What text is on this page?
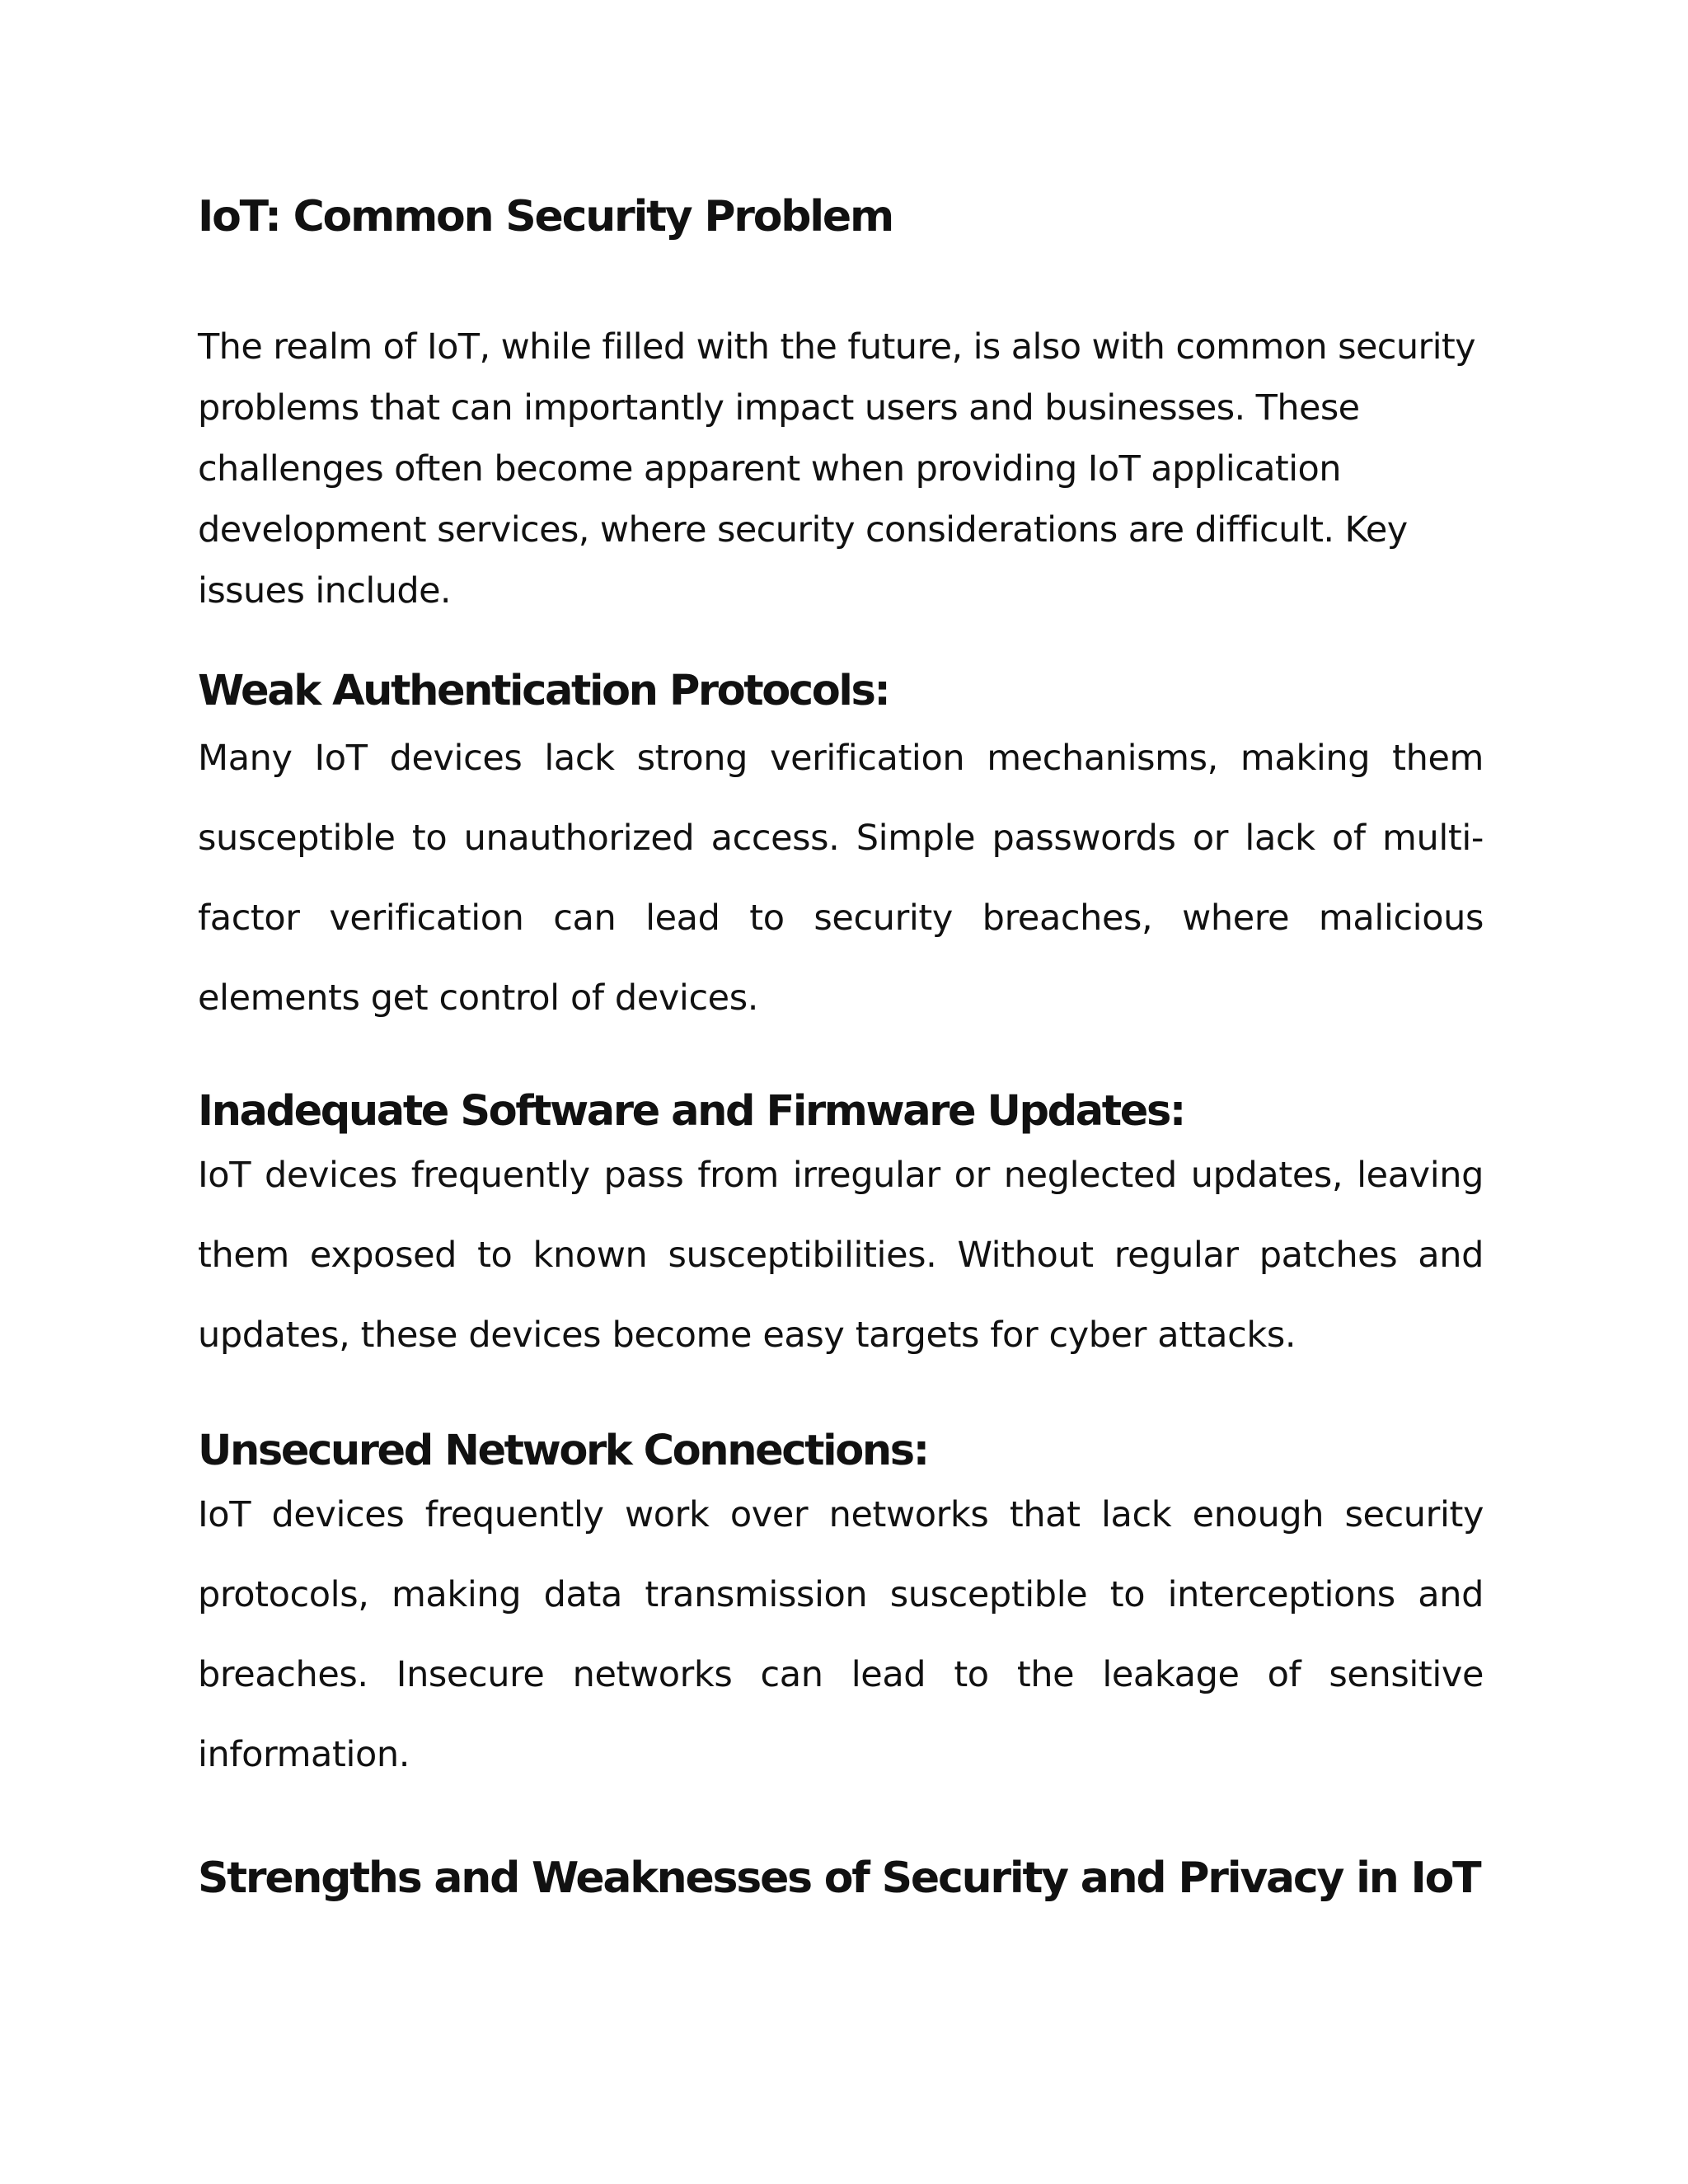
IoT: Common Security Problem

The realm of IoT, while filled with the future, is also with common security problems that can importantly impact users and businesses. These challenges often become apparent when providing IoT application development services, where security considerations are difficult. Key issues include.

Weak Authentication Protocols:

Many IoT devices lack strong verification mechanisms, making them susceptible to unauthorized access. Simple passwords or lack of multi-factor verification can lead to security breaches, where malicious elements get control of devices.

Inadequate Software and Firmware Updates:

IoT devices frequently pass from irregular or neglected updates, leaving them exposed to known susceptibilities. Without regular patches and updates, these devices become easy targets for cyber attacks.

Unsecured Network Connections:

IoT devices frequently work over networks that lack enough security protocols, making data transmission susceptible to interceptions and breaches. Insecure networks can lead to the leakage of sensitive information.

Strengths and Weaknesses of Security and Privacy in IoT
